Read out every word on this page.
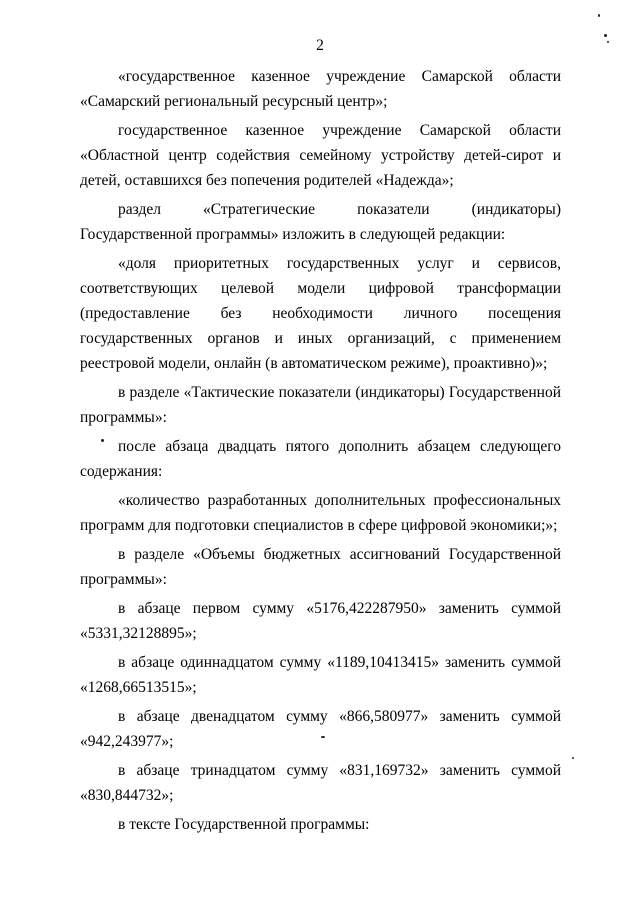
2

«государственное казенное учреждение Самарской области «Самарский региональный ресурсный центр»;

государственное казенное учреждение Самарской области «Областной центр содействия семейному устройству детей-сирот и детей, оставшихся без попечения родителей «Надежда»;

раздел «Стратегические показатели (индикаторы) Государственной программы» изложить в следующей редакции:

«доля приоритетных государственных услуг и сервисов, соответствующих целевой модели цифровой трансформации (предоставление без необходимости личного посещения государственных органов и иных организаций, с применением реестровой модели, онлайн (в автоматическом режиме), проактивно)»;

в разделе «Тактические показатели (индикаторы) Государственной программы»:

после абзаца двадцать пятого дополнить абзацем следующего содержания:

«количество разработанных дополнительных профессиональных программ для подготовки специалистов в сфере цифровой экономики;»;

в разделе «Объемы бюджетных ассигнований Государственной программы»:

в абзаце первом сумму «5176,422287950» заменить суммой «5331,32128895»;

в абзаце одиннадцатом сумму «1189,10413415» заменить суммой «1268,66513515»;

в абзаце двенадцатом сумму «866,580977» заменить суммой «942,243977»;

в абзаце тринадцатом сумму «831,169732» заменить суммой «830,844732»;

в тексте Государственной программы:
